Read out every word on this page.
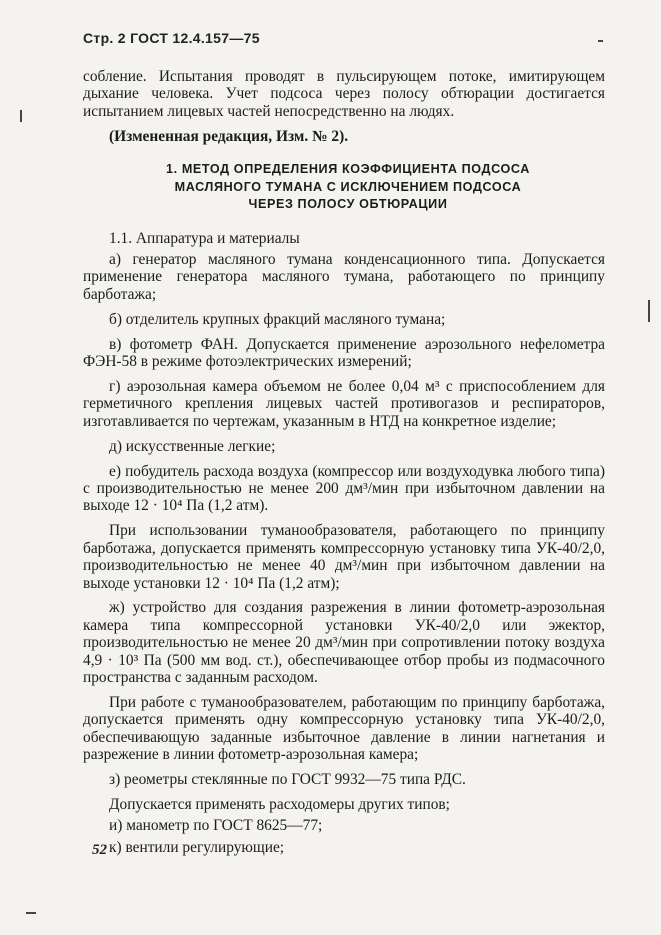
Стр. 2 ГОСТ 12.4.157—75

собление. Испытания проводят в пульсирующем потоке, имитирующем дыхание человека. Учет подсоса через полосу обтюрации достигается испытанием лицевых частей непосредственно на людях.

(Измененная редакция, Изм. № 2).

1. МЕТОД ОПРЕДЕЛЕНИЯ КОЭФФИЦИЕНТА ПОДСОСА
МАСЛЯНОГО ТУМАНА С ИСКЛЮЧЕНИЕМ ПОДСОСА
ЧЕРЕЗ ПОЛОСУ ОБТЮРАЦИИ

1.1. Аппаратура и материалы

а) генератор масляного тумана конденсационного типа. Допускается применение генератора масляного тумана, работающего по принципу барботажа;

б) отделитель крупных фракций масляного тумана;

в) фотометр ФАН. Допускается применение аэрозольного нефелометра ФЭН-58 в режиме фотоэлектрических измерений;

г) аэрозольная камера объемом не более 0,04 м³ с приспособлением для герметичного крепления лицевых частей противогазов и респираторов, изготавливается по чертежам, указанным в НТД на конкретное изделие;

д) искусственные легкие;

е) побудитель расхода воздуха (компрессор или воздуходувка любого типа) с производительностью не менее 200 дм³/мин при избыточном давлении на выходе 12 · 10⁴ Па (1,2 атм).

При использовании туманообразователя, работающего по принципу барботажа, допускается применять компрессорную установку типа УК-40/2,0, производительностью не менее 40 дм³/мин при избыточном давлении на выходе установки 12 · 10⁴ Па (1,2 атм);

ж) устройство для создания разрежения в линии фотометр-аэрозольная камера типа компрессорной установки УК-40/2,0 или эжектор, производительностью не менее 20 дм³/мин при сопротивлении потоку воздуха 4,9 · 10³ Па (500 мм вод. ст.), обеспечивающее отбор пробы из подмасочного пространства с заданным расходом.

При работе с туманообразователем, работающим по принципу барботажа, допускается применять одну компрессорную установку типа УК-40/2,0, обеспечивающую заданные избыточное давление в линии нагнетания и разрежение в линии фотометр-аэрозольная камера;

з) реометры стеклянные по ГОСТ 9932—75 типа РДС.

Допускается применять расходомеры других типов;

и) манометр по ГОСТ 8625—77;

к) вентили регулирующие;

52
